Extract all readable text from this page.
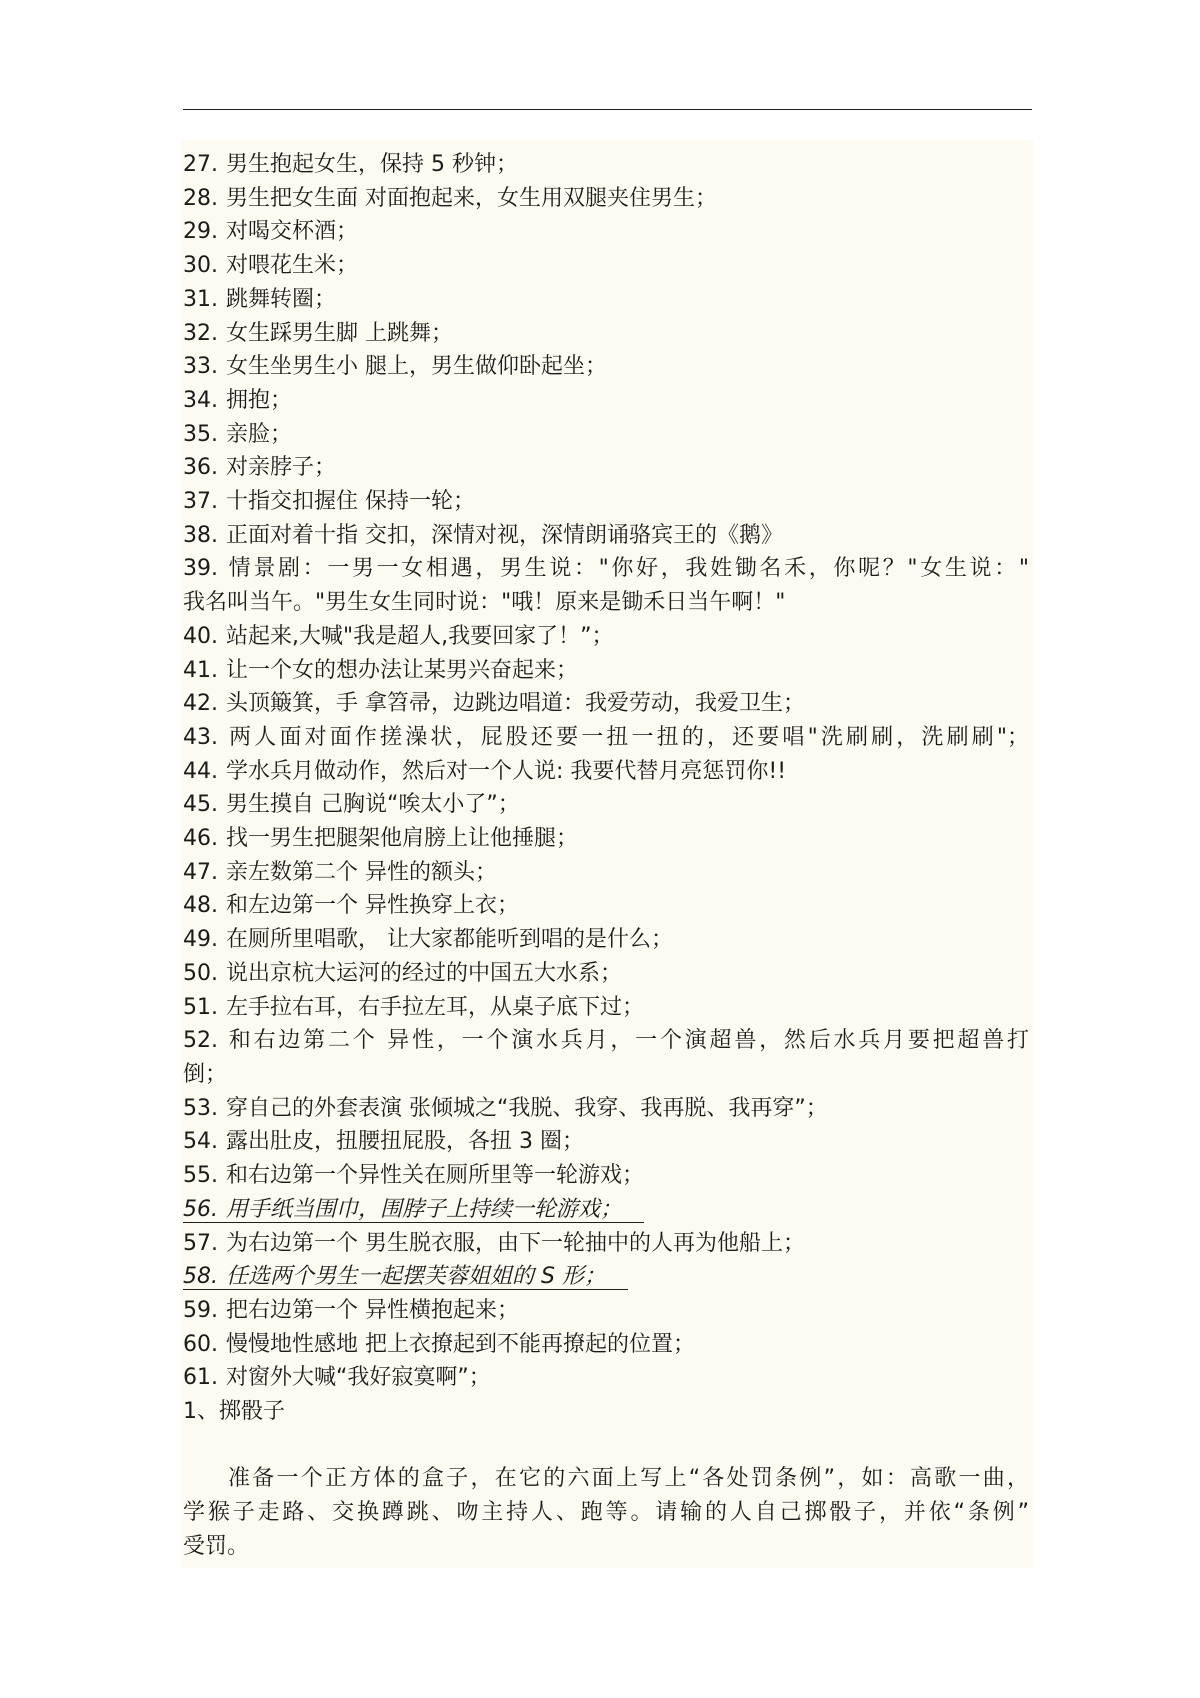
27. 男生抱起女生，保持 5 秒钟；
28. 男生把女生面 对面抱起来，女生用双腿夹住男生；
29. 对喝交杯酒；
30. 对喂花生米；
31. 跳舞转圈；
32. 女生踩男生脚 上跳舞；
33. 女生坐男生小 腿上，男生做仰卧起坐；
34. 拥抱；
35. 亲脸；
36. 对亲脖子；
37. 十指交扣握住 保持一轮；
38. 正面对着十指 交扣，深情对视，深情朗诵骆宾王的《鹅》
39. 情景剧：一男一女相遇，男生说："你好，我姓锄名禾，你呢？"女生说："
我名叫当午。"男生女生同时说："哦！原来是锄禾日当午啊！"
40. 站起来,大喊"我是超人,我要回家了！”；
41. 让一个女的想办法让某男兴奋起来；
42. 头顶簸箕，手 拿笤帚，边跳边唱道：我爱劳动，我爱卫生；
43. 两人面对面作搓澡状，屁股还要一扭一扭的，还要唱"洗刷刷，洗刷刷"；
44. 学水兵月做动作，然后对一个人说: 我要代替月亮惩罚你!!
45. 男生摸自 己胸说“唉太小了”；
46. 找一男生把腿架他肩膀上让他捶腿；
47. 亲左数第二个 异性的额头；
48. 和左边第一个 异性换穿上衣；
49. 在厕所里唱歌， 让大家都能听到唱的是什么；
50. 说出京杭大运河的经过的中国五大水系；
51. 左手拉右耳，右手拉左耳，从桌子底下过；
52. 和右边第二个 异性，一个演水兵月，一个演超兽，然后水兵月要把超兽打
倒；
53. 穿自己的外套表演 张倾城之“我脱、我穿、我再脱、我再穿”；
54. 露出肚皮，扭腰扭屁股，各扭 3 圈；
55. 和右边第一个异性关在厕所里等一轮游戏；
56. 用手纸当围巾，围脖子上持续一轮游戏；
57. 为右边第一个 男生脱衣服，由下一轮抽中的人再为他船上；
58. 任选两个男生一起摆芙蓉姐姐的 S 形；
59. 把右边第一个 异性横抱起来；
60. 慢慢地性感地 把上衣撩起到不能再撩起的位置；
61. 对窗外大喊“我好寂寞啊”；
1、掷骰子
准备一个正方体的盒子，在它的六面上写上“各处罚条例”，如：高歌一曲，
学猴子走路、交换蹲跳、吻主持人、跑等。请输的人自己掷骰子，并依“条例”
受罚。
